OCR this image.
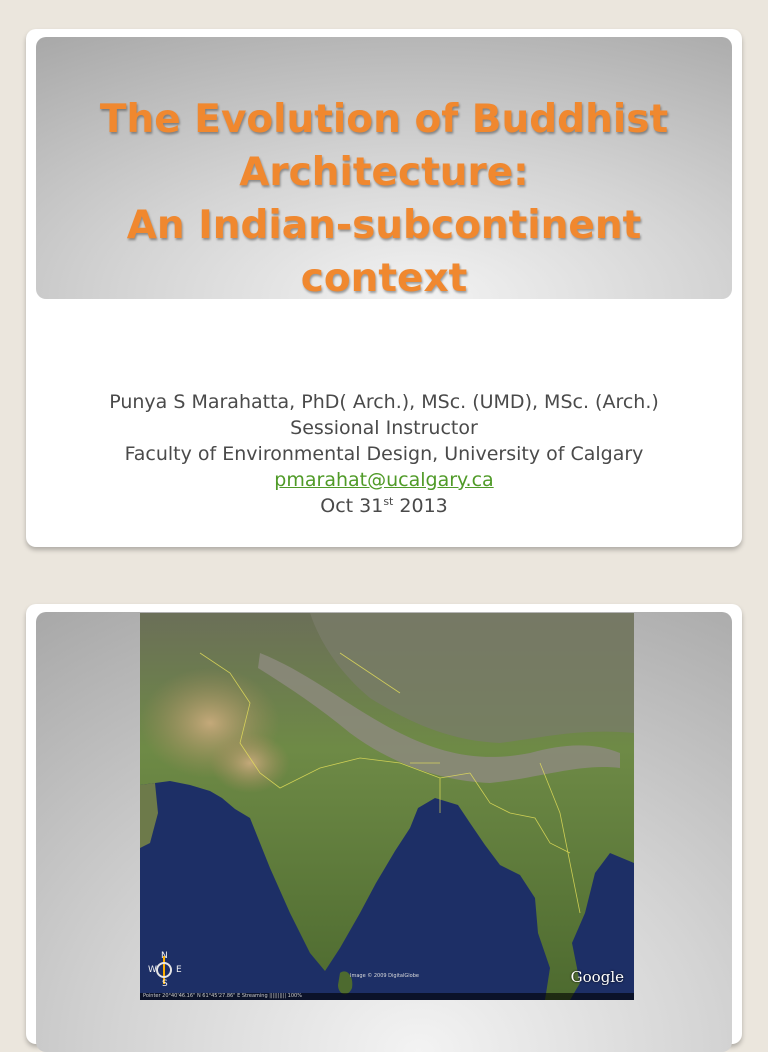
The Evolution of Buddhist
Architecture:
An Indian-subcontinent
context
Punya S Marahatta, PhD( Arch.), MSc. (UMD), MSc. (Arch.)
Sessional Instructor
Faculty of Environmental Design, University of Calgary
pmarahat@ucalgary.ca
Oct 31st 2013
N
S
W E
Image © 2009 DigitalGlobe	Google
Pointer 20°40'46.16" N 61°45'27.86" E Streaming |||||||||| 100%
